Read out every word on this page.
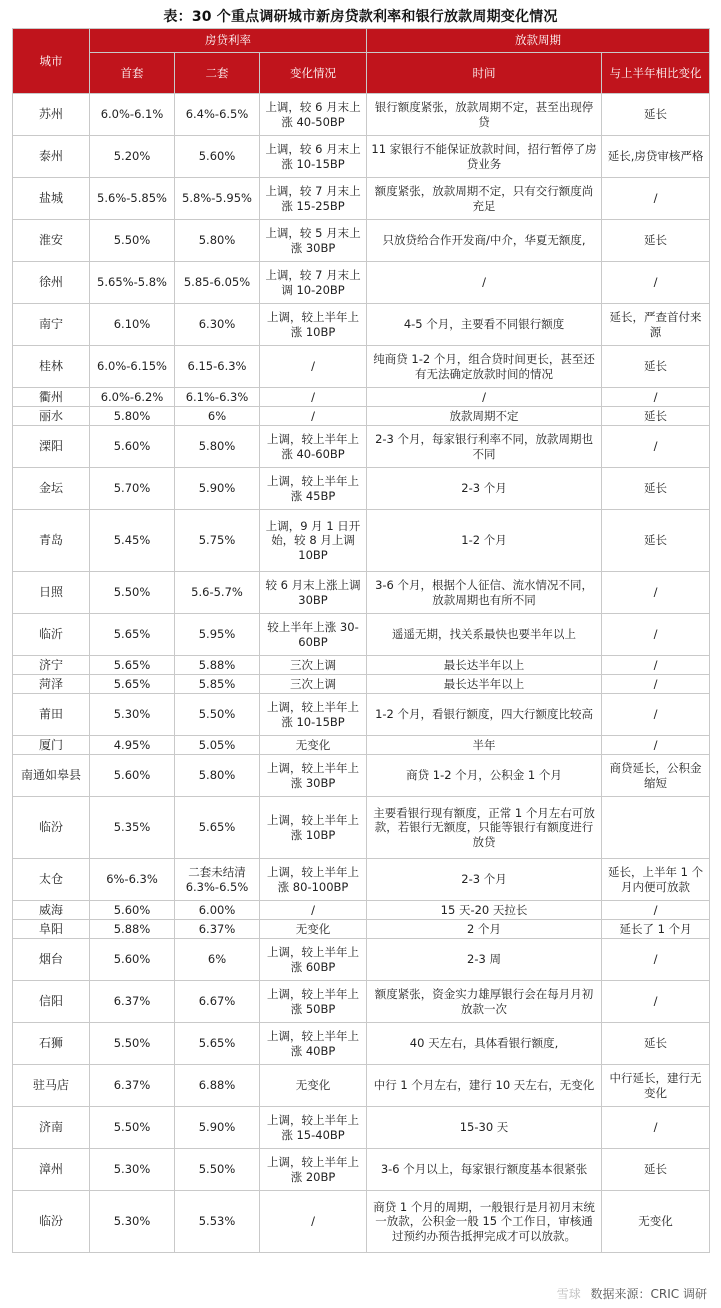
表：30 个重点调研城市新房贷款利率和银行放款周期变化情况
城市	房贷利率			放款周期	
	首套	二套	变化情况	时间	与上半年相比变化
苏州	6.0%-6.1%	6.4%-6.5%	上调，较 6 月末上涨 40-50BP	银行额度紧张，放款周期不定，甚至出现停贷	延长
泰州	5.20%	5.60%	上调，较 6 月末上涨 10-15BP	11 家银行不能保证放款时间，招行暂停了房贷业务	延长,房贷审核严格
盐城	5.6%-5.85%	5.8%-5.95%	上调，较 7 月末上涨 15-25BP	额度紧张，放款周期不定，只有交行额度尚充足	/
淮安	5.50%	5.80%	上调，较 5 月末上涨 30BP	只放贷给合作开发商/中介，华夏无额度,	延长
徐州	5.65%-5.8%	5.85-6.05%	上调，较 7 月末上调 10-20BP	/	/
南宁	6.10%	6.30%	上调，较上半年上涨 10BP	4-5 个月，主要看不同银行额度	延长，严查首付来源
桂林	6.0%-6.15%	6.15-6.3%	/	纯商贷 1-2 个月，组合贷时间更长，甚至还有无法确定放款时间的情况	延长
衢州	6.0%-6.2%	6.1%-6.3%	/	/	/
丽水	5.80%	6%	/	放款周期不定	延长
溧阳	5.60%	5.80%	上调，较上半年上涨 40-60BP	2-3 个月，每家银行利率不同，放款周期也不同	/
金坛	5.70%	5.90%	上调，较上半年上涨 45BP	2-3 个月	延长
青岛	5.45%	5.75%	上调，9 月 1 日开始，较 8 月上调 10BP	1-2 个月	延长
日照	5.50%	5.6-5.7%	较 6 月末上涨上调 30BP	3-6 个月，根据个人征信、流水情况不同，放款周期也有所不同	/
临沂	5.65%	5.95%	较上半年上涨 30-60BP	遥遥无期，找关系最快也要半年以上	/
济宁	5.65%	5.88%	三次上调	最长达半年以上	/
菏泽	5.65%	5.85%	三次上调	最长达半年以上	/
莆田	5.30%	5.50%	上调，较上半年上涨 10-15BP	1-2 个月，看银行额度，四大行额度比较高	/
厦门	4.95%	5.05%	无变化	半年	/
南通如皋县	5.60%	5.80%	上调，较上半年上涨 30BP	商贷 1-2 个月，公积金 1 个月	商贷延长，公积金缩短
临汾	5.35%	5.65%	上调，较上半年上涨 10BP	主要看银行现有额度，正常 1 个月左右可放款，若银行无额度，只能等银行有额度进行放贷	
太仓	6%-6.3%	二套未结清 6.3%-6.5%	上调，较上半年上涨 80-100BP	2-3 个月	延长，上半年 1 个月内便可放款
威海	5.60%	6.00%	/	15 天-20 天拉长	/
阜阳	5.88%	6.37%	无变化	2 个月	延长了 1 个月
烟台	5.60%	6%	上调，较上半年上涨 60BP	2-3 周	/
信阳	6.37%	6.67%	上调，较上半年上涨 50BP	额度紧张，资金实力雄厚银行会在每月月初放款一次	/
石狮	5.50%	5.65%	上调，较上半年上涨 40BP	40 天左右，具体看银行额度,	延长
驻马店	6.37%	6.88%	无变化	中行 1 个月左右，建行 10 天左右，无变化	中行延长，建行无变化
济南	5.50%	5.90%	上调，较上半年上涨 15-40BP	15-30 天	/
漳州	5.30%	5.50%	上调，较上半年上涨 20BP	3-6 个月以上，每家银行额度基本很紧张	延长
临汾	5.30%	5.53%	/	商贷 1 个月的周期，一般银行是月初月末统一放款，公积金一般 15 个工作日，审核通过预约办预告抵押完成才可以放款。	无变化
雪球 数据来源：CRIC 调研
